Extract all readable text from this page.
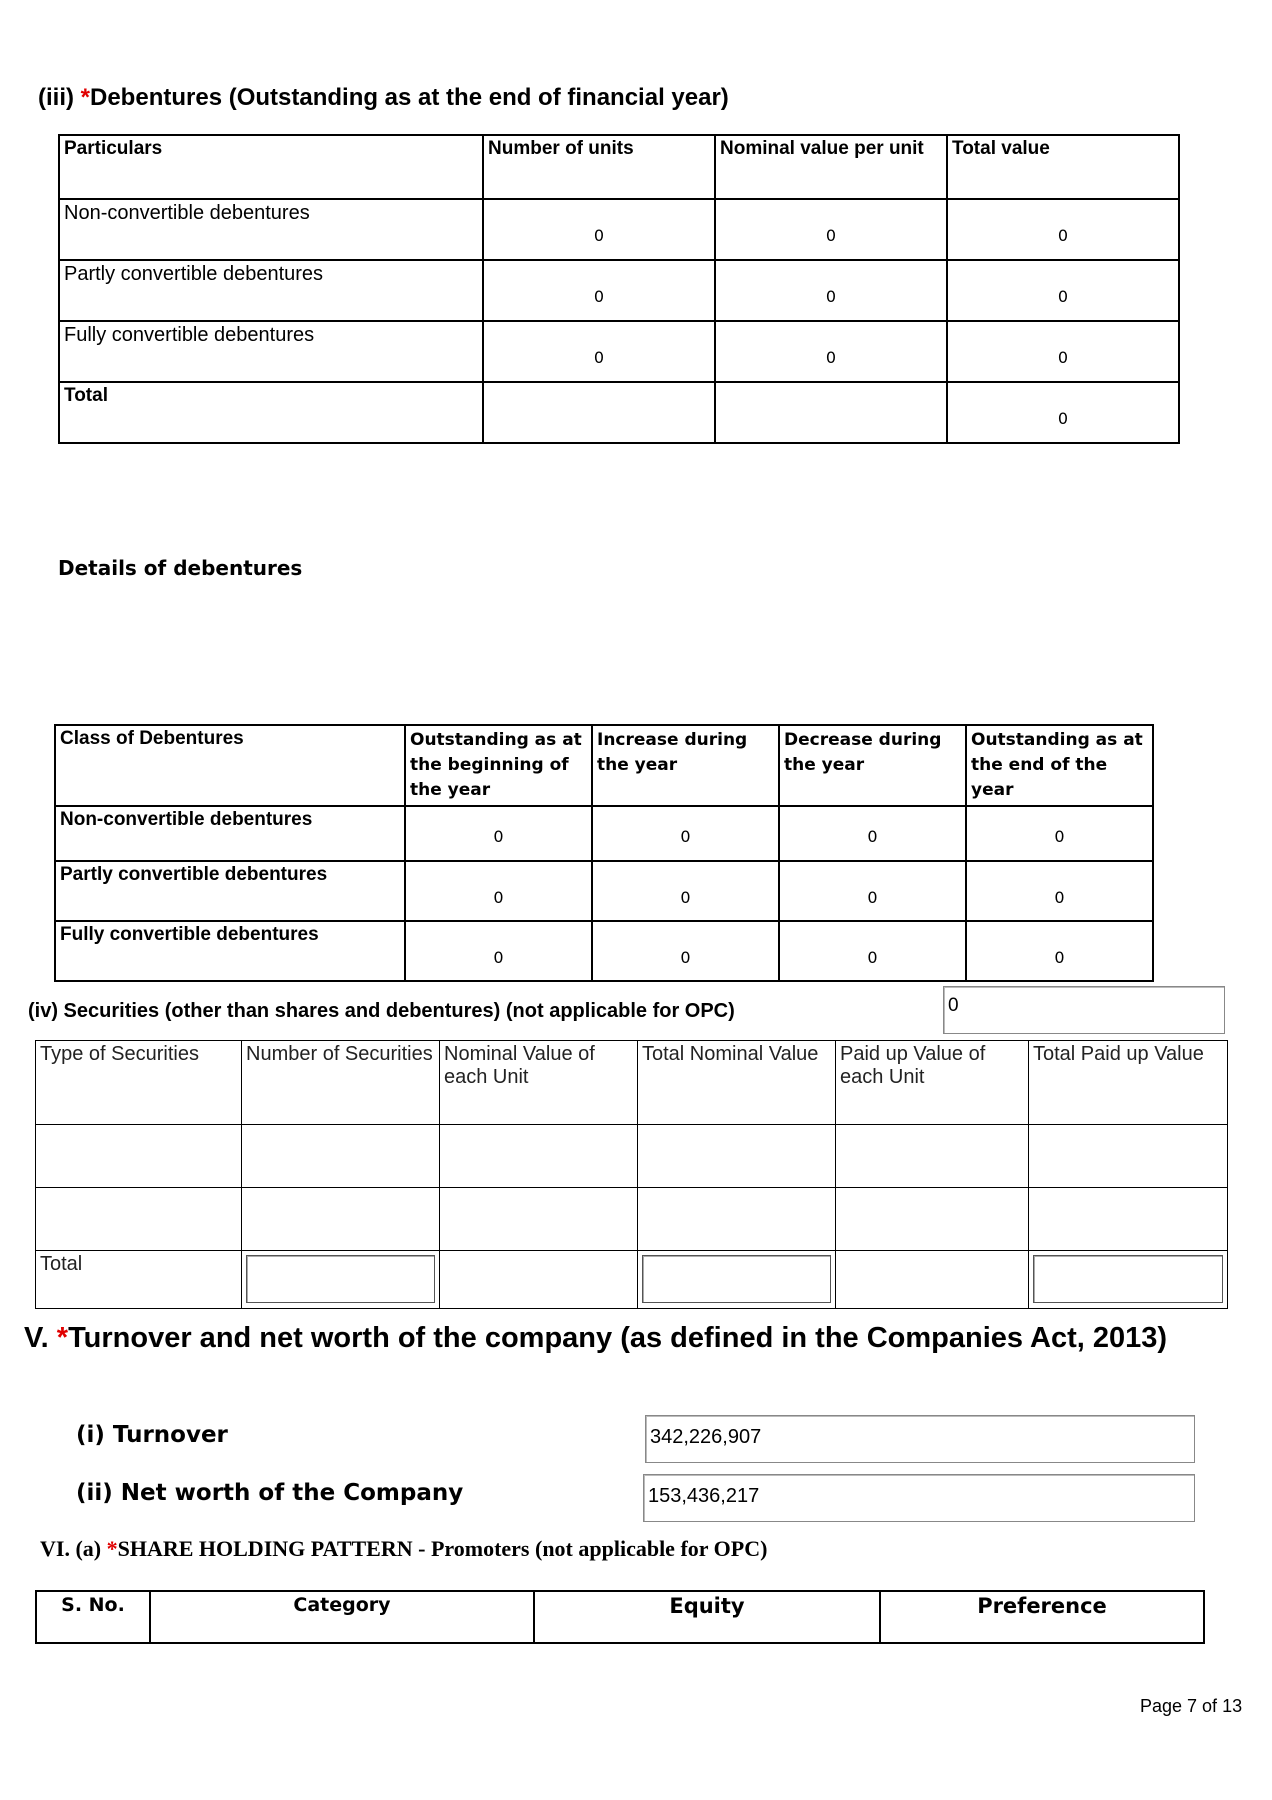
(iii) *Debentures (Outstanding as at the end of financial year)
Particulars	Number of units	Nominal value per unit	Total value
Non-convertible debentures	0	0	0
Partly convertible debentures	0	0	0
Fully convertible debentures	0	0	0
Total			0
Details of debentures
Class of Debentures	Outstanding as at the beginning of the year	Increase during the year	Decrease during the year	Outstanding as at the end of the year
Non-convertible debentures	0	0	0	0
Partly convertible debentures	0	0	0	0
Fully convertible debentures	0	0	0	0
(iv) Securities (other than shares and debentures) (not applicable for OPC)	0
Type of Securities	Number of Securities	Nominal Value of each Unit	Total Nominal Value	Paid up Value of each Unit	Total Paid up Value

Total	

V. *Turnover and net worth of the company (as defined in the Companies Act, 2013)
(i) Turnover	342,226,907
(ii) Net worth of the Company	153,436,217
VI. (a) *SHARE HOLDING PATTERN - Promoters (not applicable for OPC)
S. No.	Category	Equity	Preference
Page 7 of 13
